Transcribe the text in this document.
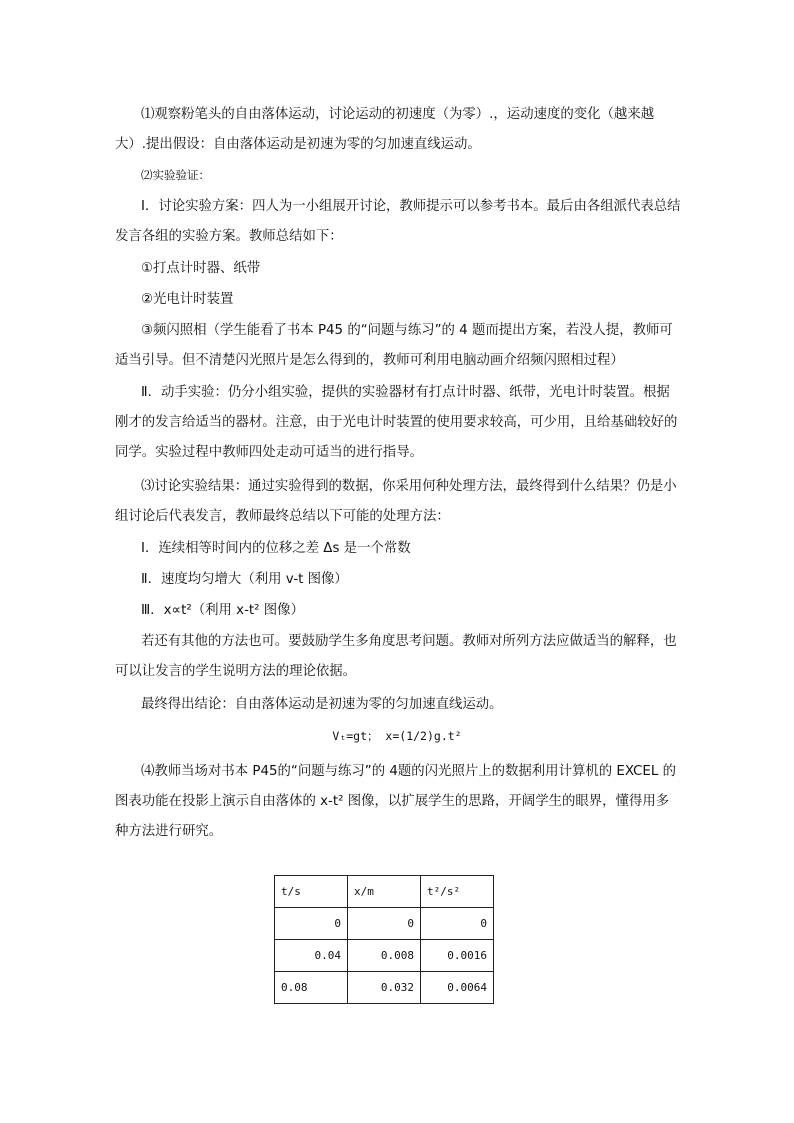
⑴观察粉笔头的自由落体运动，讨论运动的初速度（为零）.，运动速度的变化（越来越大）.提出假设：自由落体运动是初速为零的匀加速直线运动。

⑵实验验证：

Ⅰ．讨论实验方案：四人为一小组展开讨论，教师提示可以参考书本。最后由各组派代表总结发言各组的实验方案。教师总结如下：

①打点计时器、纸带

②光电计时装置

③频闪照相（学生能看了书本 P45 的“问题与练习”的 4 题而提出方案，若没人提，教师可适当引导。但不清楚闪光照片是怎么得到的，教师可利用电脑动画介绍频闪照相过程）

Ⅱ．动手实验：仍分小组实验，提供的实验器材有打点计时器、纸带，光电计时装置。根据刚才的发言给适当的器材。注意，由于光电计时装置的使用要求较高，可少用，且给基础较好的同学。实验过程中教师四处走动可适当的进行指导。

⑶讨论实验结果：通过实验得到的数据，你采用何种处理方法，最终得到什么结果？仍是小组讨论后代表发言，教师最终总结以下可能的处理方法：

Ⅰ．连续相等时间内的位移之差 Δs 是一个常数

Ⅱ．速度均匀增大（利用 v-t 图像）

Ⅲ．x∝t²（利用 x-t² 图像）

若还有其他的方法也可。要鼓励学生多角度思考问题。教师对所列方法应做适当的解释，也可以让发言的学生说明方法的理论依据。

最终得出结论：自由落体运动是初速为零的匀加速直线运动。

Vₜ=gt； x=(1/2)g.t²

⑷教师当场对书本 P45的“问题与练习”的 4题的闪光照片上的数据利用计算机的 EXCEL 的图表功能在投影上演示自由落体的 x-t² 图像，以扩展学生的思路，开阔学生的眼界，懂得用多种方法进行研究。

t/s	x/m	t²/s²
0	0	0
0.04	0.008	0.0016
0.08	0.032	0.0064
